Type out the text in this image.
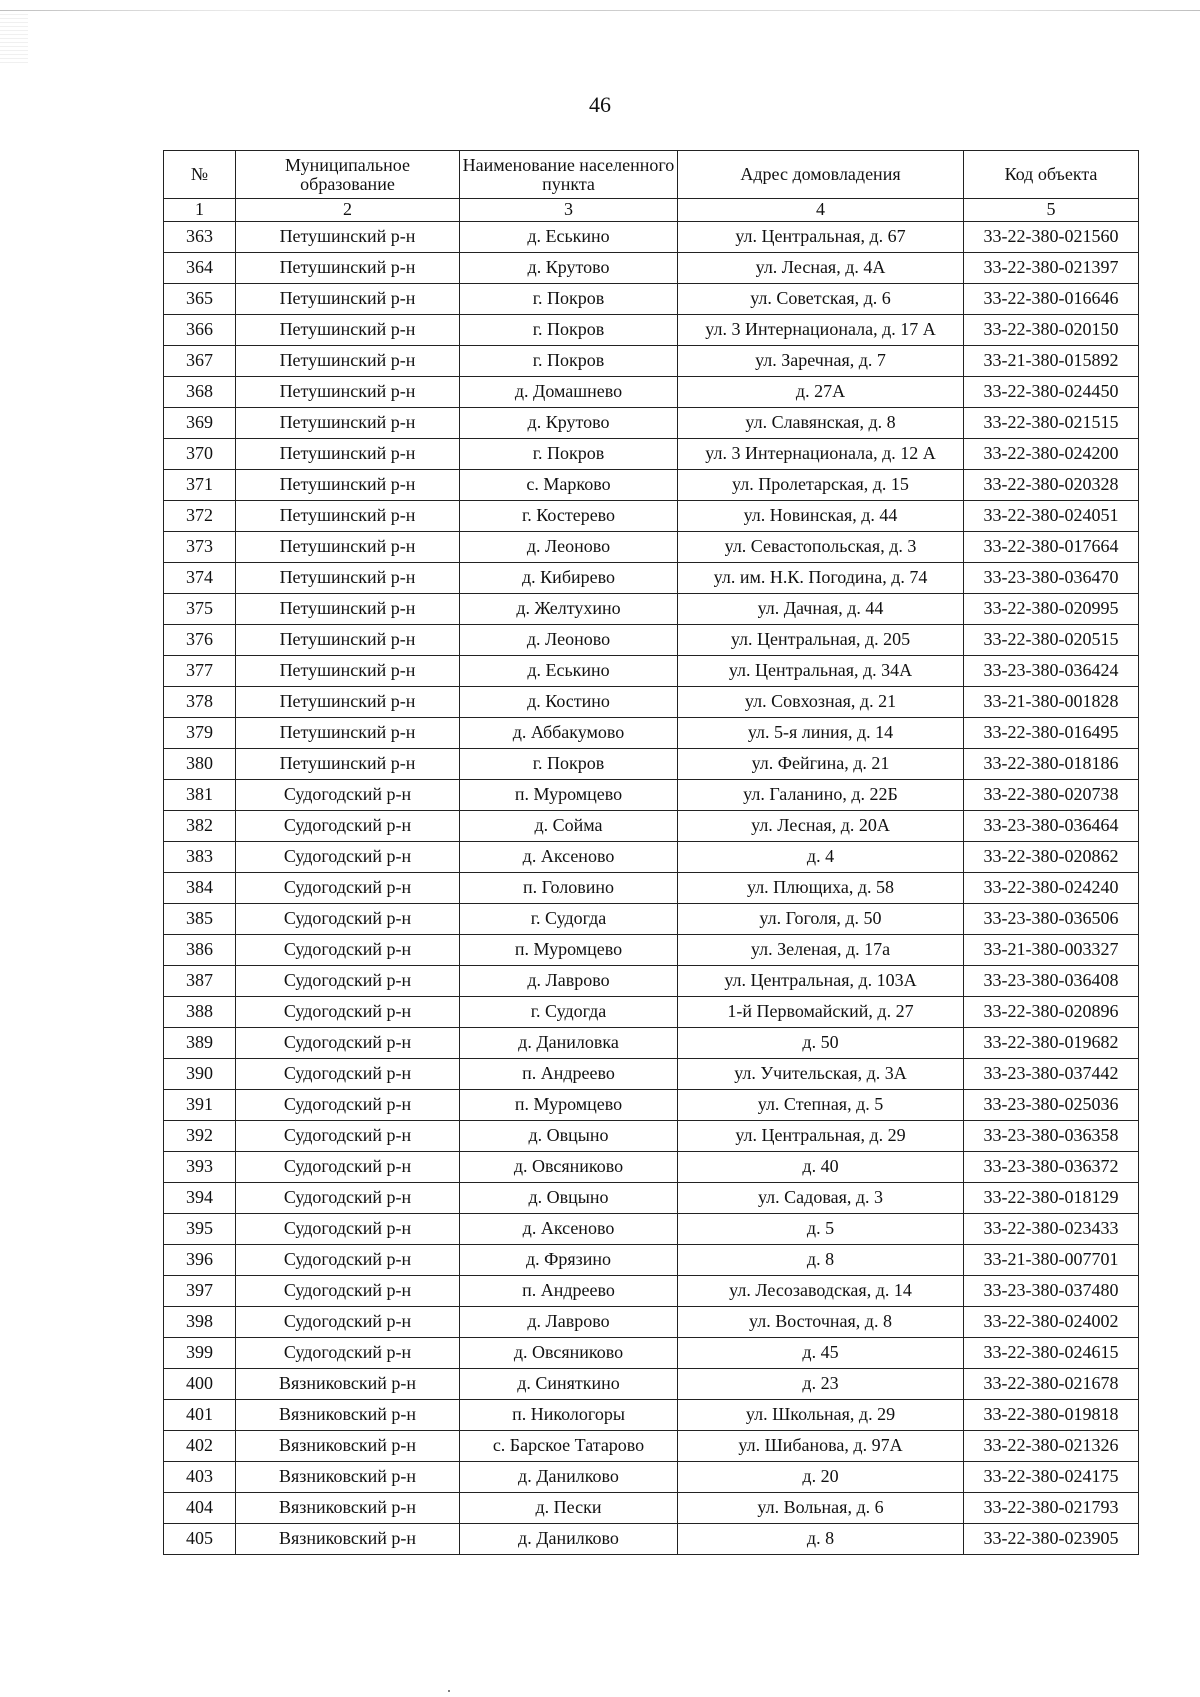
46
№	Муниципальное образование	Наименование населенного пункта	Адрес домовладения	Код объекта
1	2	3	4	5
363	Петушинский р-н	д. Еськино	ул. Центральная, д. 67	33-22-380-021560
364	Петушинский р-н	д. Крутово	ул. Лесная, д. 4А	33-22-380-021397
365	Петушинский р-н	г. Покров	ул. Советская, д. 6	33-22-380-016646
366	Петушинский р-н	г. Покров	ул. 3 Интернационала, д. 17 А	33-22-380-020150
367	Петушинский р-н	г. Покров	ул. Заречная, д. 7	33-21-380-015892
368	Петушинский р-н	д. Домашнево	д. 27А	33-22-380-024450
369	Петушинский р-н	д. Крутово	ул. Славянская, д. 8	33-22-380-021515
370	Петушинский р-н	г. Покров	ул. 3 Интернационала, д. 12 А	33-22-380-024200
371	Петушинский р-н	с. Марково	ул. Пролетарская, д. 15	33-22-380-020328
372	Петушинский р-н	г. Костерево	ул. Новинская, д. 44	33-22-380-024051
373	Петушинский р-н	д. Леоново	ул. Севастопольская, д. 3	33-22-380-017664
374	Петушинский р-н	д. Кибирево	ул. им. Н.К. Погодина, д. 74	33-23-380-036470
375	Петушинский р-н	д. Желтухино	ул. Дачная, д. 44	33-22-380-020995
376	Петушинский р-н	д. Леоново	ул. Центральная, д. 205	33-22-380-020515
377	Петушинский р-н	д. Еськино	ул. Центральная, д. 34А	33-23-380-036424
378	Петушинский р-н	д. Костино	ул. Совхозная, д. 21	33-21-380-001828
379	Петушинский р-н	д. Аббакумово	ул. 5-я линия, д. 14	33-22-380-016495
380	Петушинский р-н	г. Покров	ул. Фейгина, д. 21	33-22-380-018186
381	Судогодский р-н	п. Муромцево	ул. Галанино, д. 22Б	33-22-380-020738
382	Судогодский р-н	д. Сойма	ул. Лесная, д. 20А	33-23-380-036464
383	Судогодский р-н	д. Аксеново	д. 4	33-22-380-020862
384	Судогодский р-н	п. Головино	ул. Плющиха, д. 58	33-22-380-024240
385	Судогодский р-н	г. Судогда	ул. Гоголя, д. 50	33-23-380-036506
386	Судогодский р-н	п. Муромцево	ул. Зеленая, д. 17а	33-21-380-003327
387	Судогодский р-н	д. Лаврово	ул. Центральная, д. 103А	33-23-380-036408
388	Судогодский р-н	г. Судогда	1-й Первомайский, д. 27	33-22-380-020896
389	Судогодский р-н	д. Даниловка	д. 50	33-22-380-019682
390	Судогодский р-н	п. Андреево	ул. Учительская, д. 3А	33-23-380-037442
391	Судогодский р-н	п. Муромцево	ул. Степная, д. 5	33-23-380-025036
392	Судогодский р-н	д. Овцыно	ул. Центральная, д. 29	33-23-380-036358
393	Судогодский р-н	д. Овсяниково	д. 40	33-23-380-036372
394	Судогодский р-н	д. Овцыно	ул. Садовая, д. 3	33-22-380-018129
395	Судогодский р-н	д. Аксеново	д. 5	33-22-380-023433
396	Судогодский р-н	д. Фрязино	д. 8	33-21-380-007701
397	Судогодский р-н	п. Андреево	ул. Лесозаводская, д. 14	33-23-380-037480
398	Судогодский р-н	д. Лаврово	ул. Восточная, д. 8	33-22-380-024002
399	Судогодский р-н	д. Овсяниково	д. 45	33-22-380-024615
400	Вязниковский р-н	д. Синяткино	д. 23	33-22-380-021678
401	Вязниковский р-н	п. Никологоры	ул. Школьная, д. 29	33-22-380-019818
402	Вязниковский р-н	с. Барское Татарово	ул. Шибанова, д. 97А	33-22-380-021326
403	Вязниковский р-н	д. Данилково	д. 20	33-22-380-024175
404	Вязниковский р-н	д. Пески	ул. Вольная, д. 6	33-22-380-021793
405	Вязниковский р-н	д. Данилково	д. 8	33-22-380-023905
